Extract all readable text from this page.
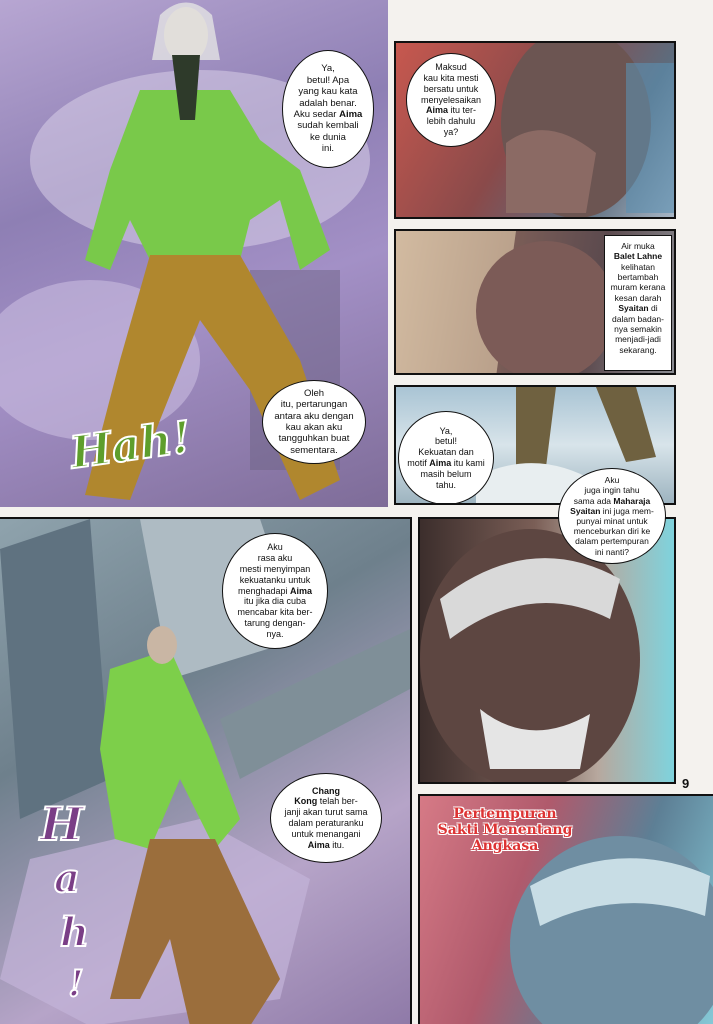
Ya,
betul! Apa
yang kau kata
adalah benar.
Aku sedar Aima
sudah kembali
ke dunia
ini.
Oleh
itu, pertarungan
antara aku dengan
kau akan aku
tangguhkan buat
sementara.
Hah!
Maksud
kau kita mesti
bersatu untuk
menyelesaikan
Aima itu ter-
lebih dahulu
ya?
Air muka
Balet Lahne
kelihatan
bertambah
muram kerana
kesan darah
Syaitan di
dalam badan-
nya semakin
menjadi-jadi
sekarang.
Ya,
betul!
Kekuatan dan
motif Aima itu kami
masih belum
tahu.	Aku
juga ingin tahu
sama ada Maharaja
Syaitan ini juga mem-
punyai minat untuk
menceburkan diri ke
dalam pertempuran
ini nanti?
Aku
rasa aku
mesti menyimpan
kekuatanku untuk
menghadapi Aima
itu jika dia cuba
mencabar kita ber-
tarung dengan-
nya.
Chang
Kong telah ber-
janji akan turut sama
dalam peraturanku
untuk menangani
Aima itu.
H
a
h
!
9
Pertempuran
Sakti Menentang
Angkasa
